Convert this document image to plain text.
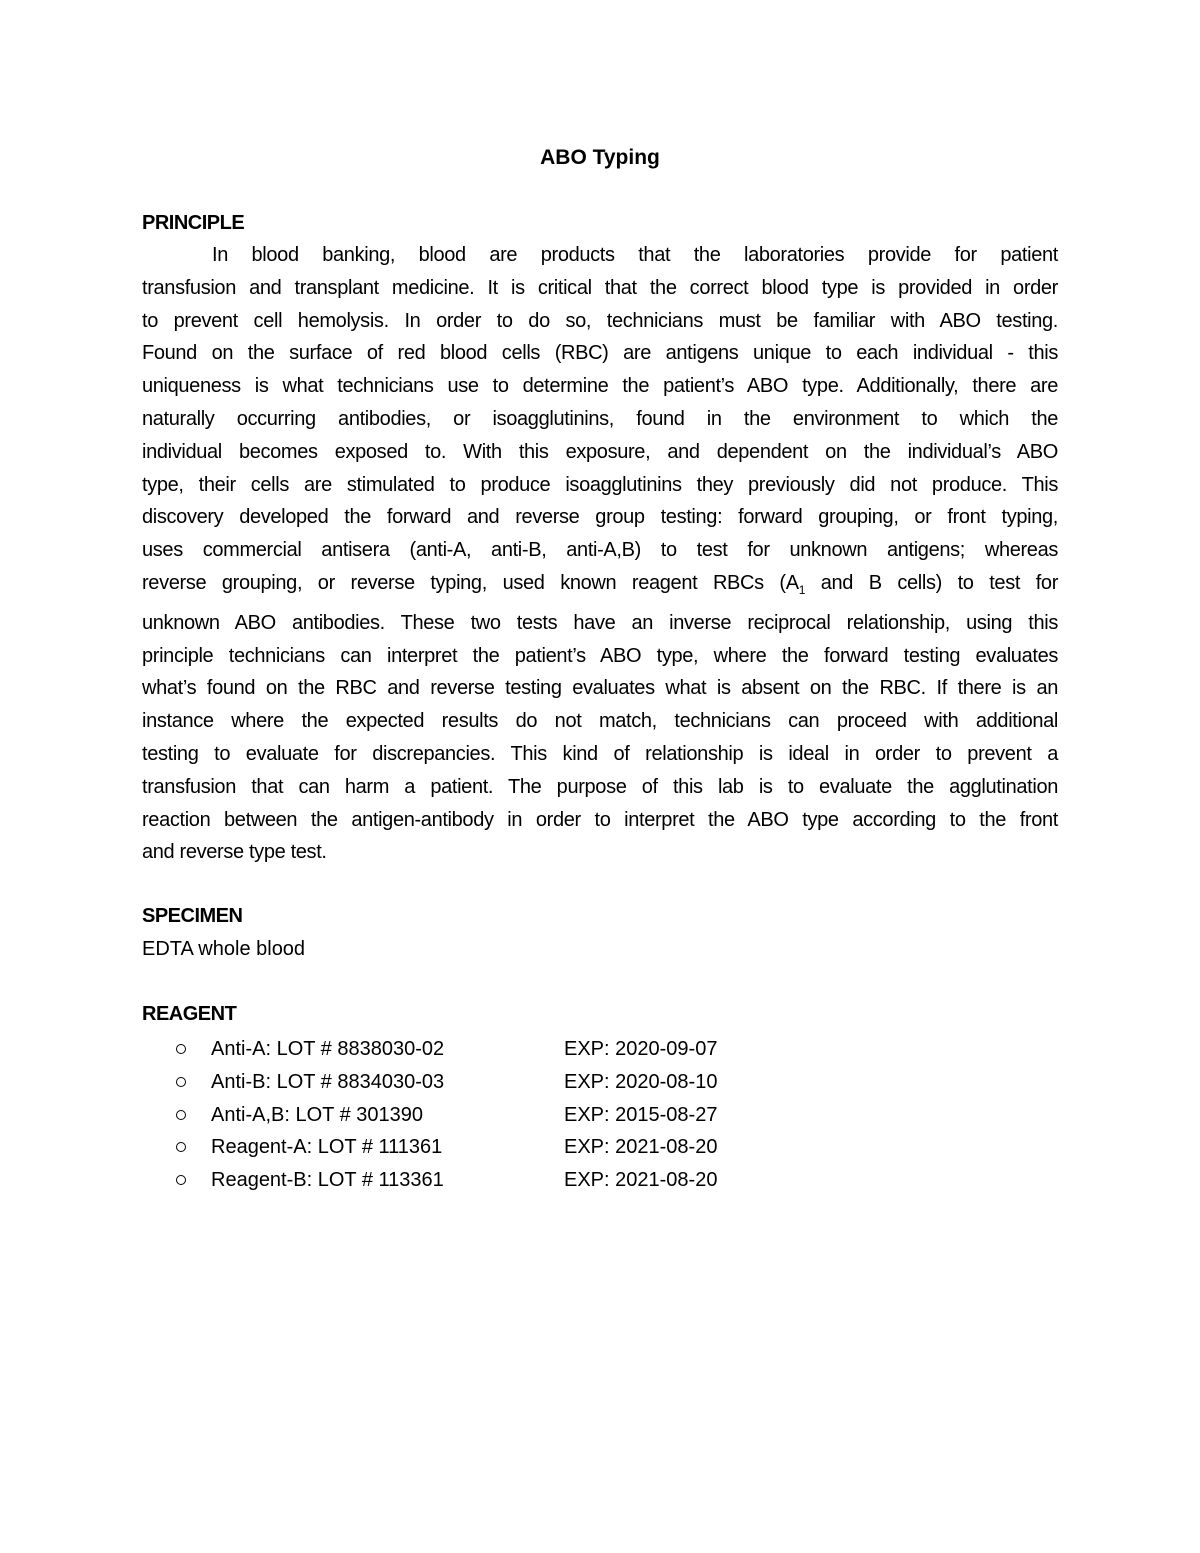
ABO Typing
PRINCIPLE
In blood banking, blood are products that the laboratories provide for patient
transfusion and transplant medicine. It is critical that the correct blood type is provided in order
to prevent cell hemolysis. In order to do so, technicians must be familiar with ABO testing.
Found on the surface of red blood cells (RBC) are antigens unique to each individual - this
uniqueness is what technicians use to determine the patient’s ABO type. Additionally, there are
naturally occurring antibodies, or isoagglutinins, found in the environment to which the
individual becomes exposed to. With this exposure, and dependent on the individual’s ABO
type, their cells are stimulated to produce isoagglutinins they previously did not produce. This
discovery developed the forward and reverse group testing: forward grouping, or front typing,
uses commercial antisera (anti-A, anti-B, anti-A,B) to test for unknown antigens; whereas
reverse grouping, or reverse typing, used known reagent RBCs ($A_1$ and B cells) to test for
unknown ABO antibodies. These two tests have an inverse reciprocal relationship, using this
principle technicians can interpret the patient’s ABO type, where the forward testing evaluates
what’s found on the RBC and reverse testing evaluates what is absent on the RBC. If there is an
instance where the expected results do not match, technicians can proceed with additional
testing to evaluate for discrepancies. This kind of relationship is ideal in order to prevent a
transfusion that can harm a patient. The purpose of this lab is to evaluate the agglutination
reaction between the antigen-antibody in order to interpret the ABO type according to the front
and reverse type test.
SPECIMEN
EDTA whole blood
REAGENT
Anti-A: LOT # 8838030-02	EXP: 2020-09-07
Anti-B: LOT # 8834030-03	EXP: 2020-08-10
Anti-A,B: LOT # 301390	EXP: 2015-08-27
Reagent-A: LOT # 111361	EXP: 2021-08-20
Reagent-B: LOT # 113361	EXP: 2021-08-20
